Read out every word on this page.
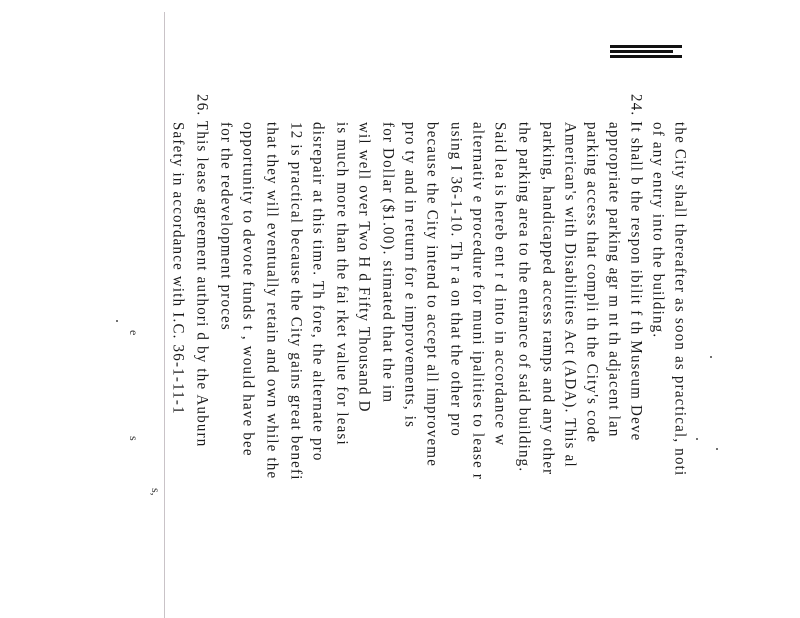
the City shall thereafter as soon as practical, noti
of any entry into the building.
24. It shall b the respon ibilit f th Museum Deve
appropriate parking agr m nt th adjacent lan
parking access that compli th the City's code
American's with Disabilities Act (ADA). This al
parking, handicapped access ramps and any other
the parking area to the entrance of said building.
Said lea is hereb ent r d into in accordance w
alternativ e procedure for muni ipalities to lease r
using I 36-1-10. Th r a on that the other pro
because the City intend to accept all improveme
pro ty and in return for e improvements, is
for Dollar ($1.00). stimated that the im
wil well over Two H d Fifty Thousand D
is much more than the fai rket value for leasi
disrepair at this time. Th fore, the alternate pro
12 is practical because the City gains great benefi
that they will eventually retain and own while the
opportunity to devote funds t , would have bee
for the redevelopment proces
26. This lease agreement authori d by the Auburn
Safety in accordance with I.C. 36-1-11-1
e
s
s,
